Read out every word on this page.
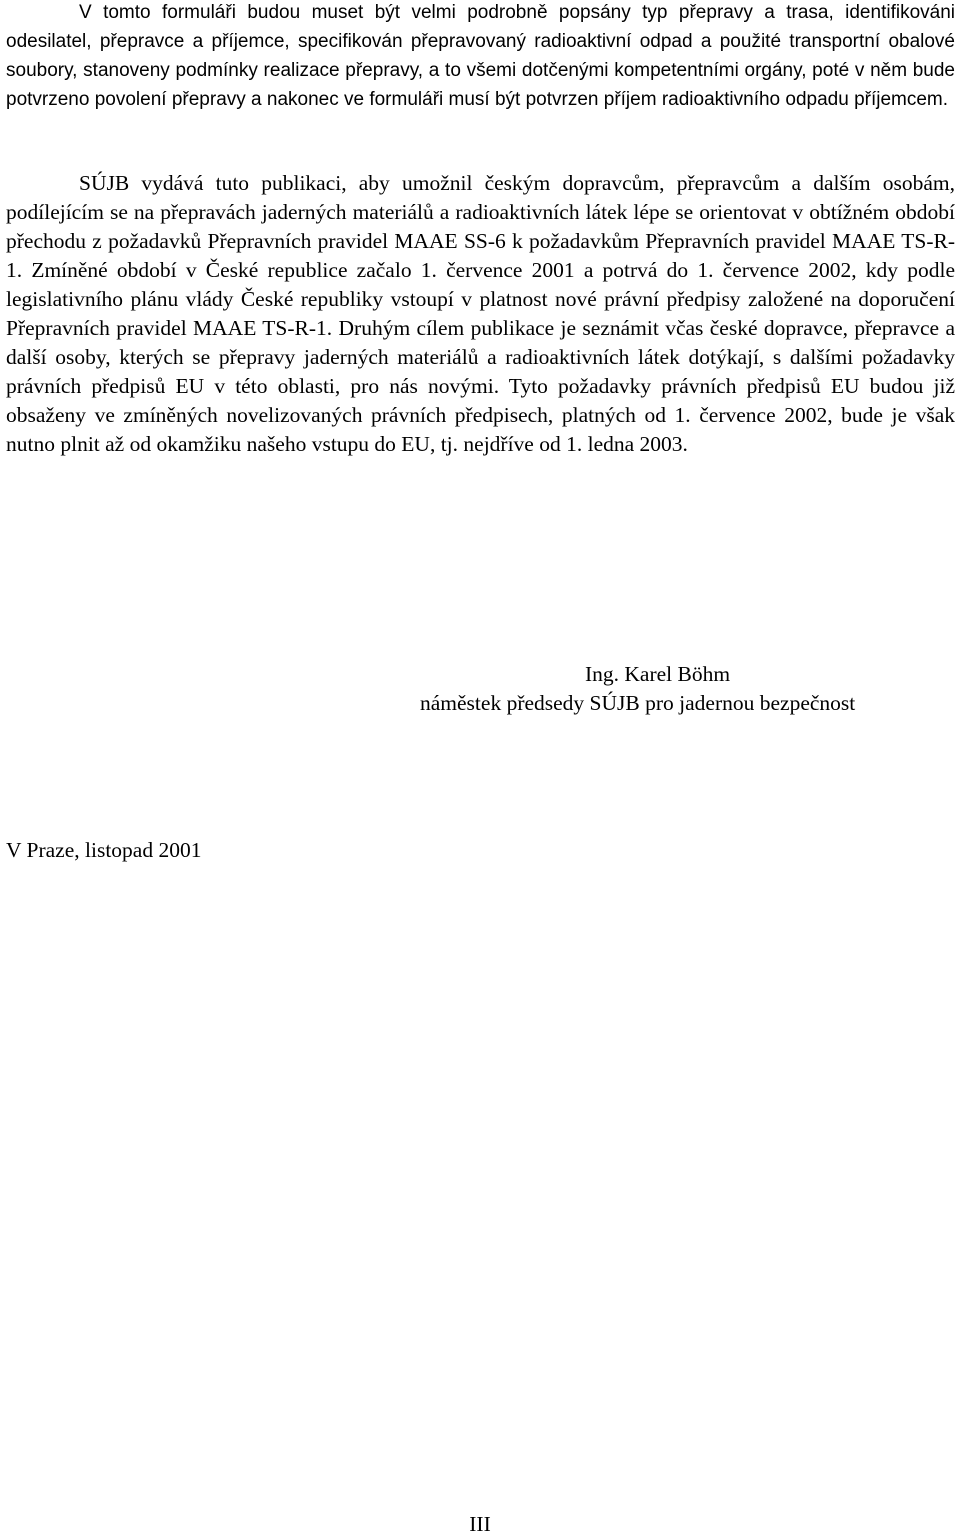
V tomto formuláři budou muset být velmi podrobně popsány typ přepravy a trasa, identifikováni odesilatel, přepravce a příjemce, specifikován přepravovaný radioaktivní odpad a použité transportní obalové soubory, stanoveny podmínky realizace přepravy, a to všemi dotčenými kompetentními orgány, poté v něm bude potvrzeno povolení přepravy a nakonec ve formuláři musí být potvrzen příjem radioaktivního odpadu příjemcem.

SÚJB vydává tuto publikaci, aby umožnil českým dopravcům, přepravcům a dalším osobám, podílejícím se na přepravách jaderných materiálů a radioaktivních látek lépe se orientovat v obtížném období přechodu z požadavků Přepravních pravidel MAAE SS-6 k požadavkům Přepravních pravidel MAAE TS-R-1. Zmíněné období v České republice začalo 1. července 2001 a potrvá do 1. července 2002, kdy podle legislativního plánu vlády České republiky vstoupí v platnost nové právní předpisy založené na doporučení Přepravních pravidel MAAE TS-R-1. Druhým cílem publikace je seznámit včas české dopravce, přepravce a další osoby, kterých se přepravy jaderných materiálů a radioaktivních látek dotýkají, s dalšími požadavky právních předpisů EU v této oblasti, pro nás novými. Tyto požadavky právních předpisů EU budou již obsaženy ve zmíněných novelizovaných právních předpisech, platných od 1. července 2002, bude je však nutno plnit až od okamžiku našeho vstupu do EU, tj. nejdříve od 1. ledna 2003.

Ing. Karel Böhm
náměstek předsedy SÚJB pro jadernou bezpečnost
V Praze, listopad 2001
III
